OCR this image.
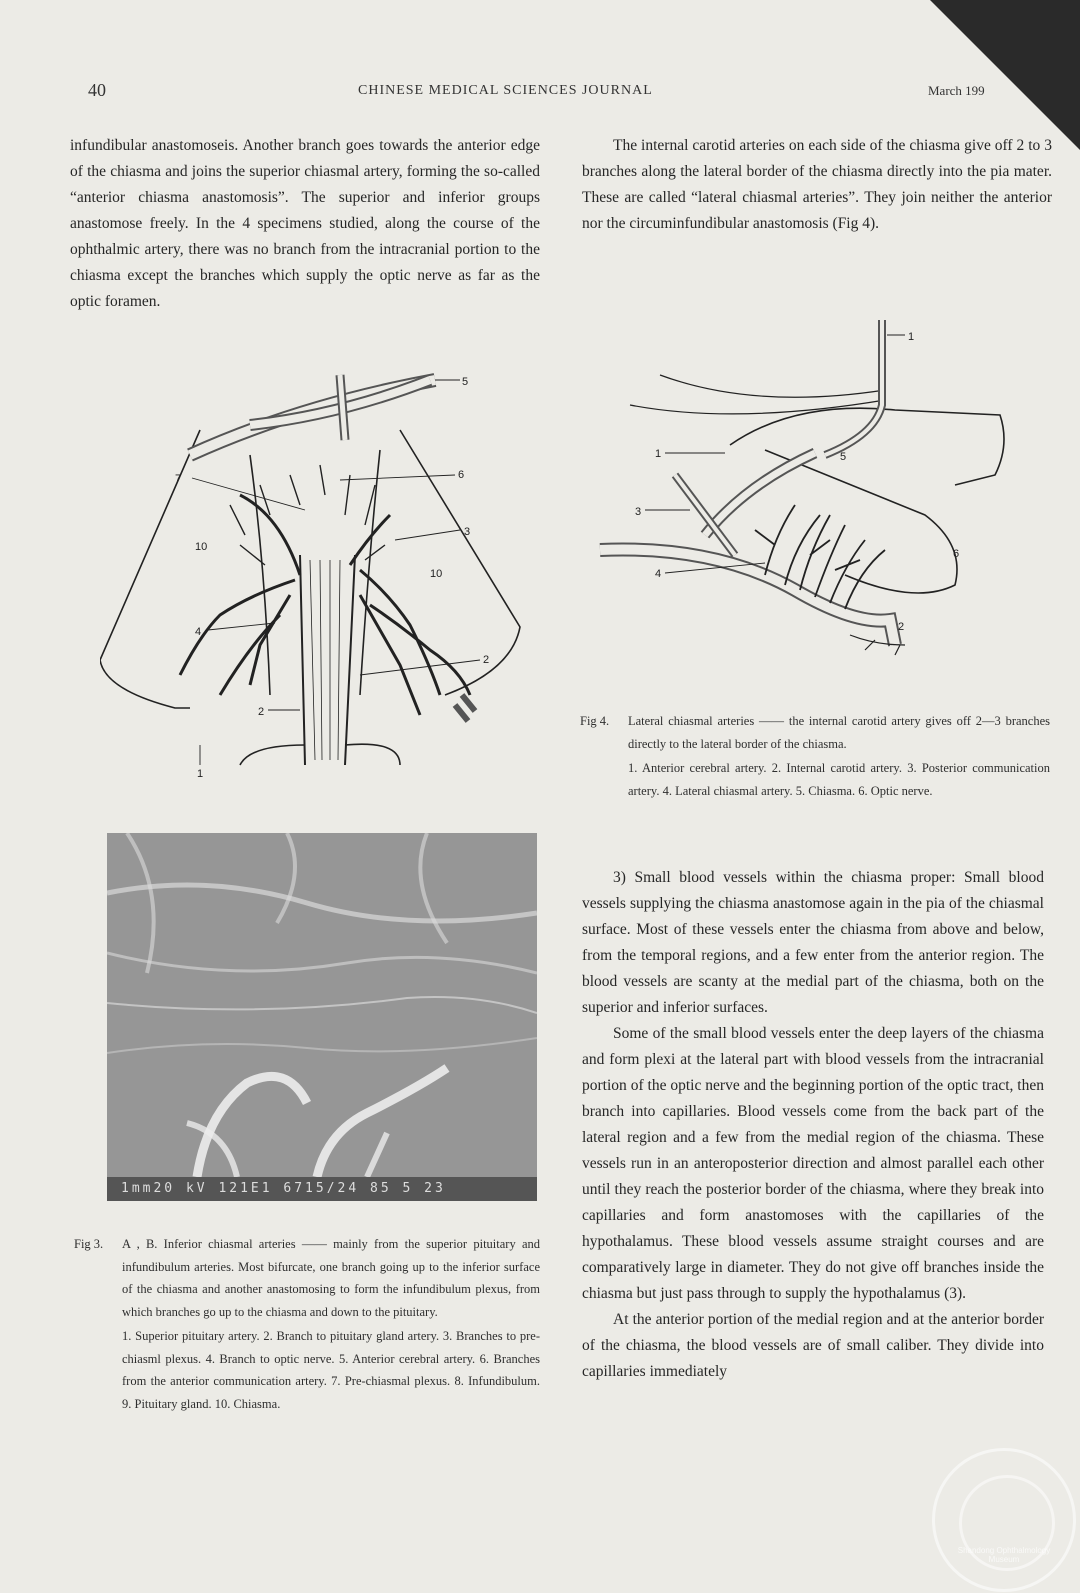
40	CHINESE MEDICAL SCIENCES JOURNAL	March 199

infundibular anastomoseis. Another branch goes towards the anterior edge of the chiasma and joins the superior chiasmal artery, forming the so-called “anterior chiasma anastomosis”. The superior and inferior groups anastomose freely. In the 4 specimens studied, along the course of the ophthalmic artery, there was no branch from the intracranial portion to the chiasma except the branches which supply the optic nerve as far as the optic foramen.

The internal carotid arteries on each side of the chiasma give off 2 to 3 branches along the lateral border of the chiasma directly into the pia mater. These are called “lateral chiasmal arteries”. They join neither the anterior nor the circuminfundibular anastomosis (Fig 4).

5
6
7
3
10
10
4
2
2
1
1
1	5
3
6
4
2
Fig 4. Lateral chiasmal arteries —— the internal carotid artery gives off 2—3 branches directly to the lateral border of the chiasma.
1. Anterior cerebral artery. 2. Internal carotid artery. 3. Posterior communication artery. 4. Lateral chiasmal artery. 5. Chiasma. 6. Optic nerve.
1mm20 kV 121E1 6715/24 85 5 23
Fig 3. A , B. Inferior chiasmal arteries —— mainly from the superior pituitary and infundibulum arteries. Most bifurcate, one branch going up to the inferior surface of the chiasma and another anastomosing to form the infundibulum plexus, from which branches go up to the chiasma and down to the pituitary.
1. Superior pituitary artery. 2. Branch to pituitary gland artery. 3. Branches to pre-chiasml plexus. 4. Branch to optic nerve. 5. Anterior cerebral artery. 6. Branches from the anterior communication artery. 7. Pre-chiasmal plexus. 8. Infundibulum. 9. Pituitary gland. 10. Chiasma.

3) Small blood vessels within the chiasma proper: Small blood vessels supplying the chiasma anastomose again in the pia of the chiasmal surface. Most of these vessels enter the chiasma from above and below, from the temporal regions, and a few enter from the anterior region. The blood vessels are scanty at the medial part of the chiasma, both on the superior and inferior surfaces.

Some of the small blood vessels enter the deep layers of the chiasma and form plexi at the lateral part with blood vessels from the intracranial portion of the optic nerve and the beginning portion of the optic tract, then branch into capillaries. Blood vessels come from the back part of the lateral region and a few from the medial region of the chiasma. These vessels run in an anteroposterior direction and almost parallel each other until they reach the posterior border of the chiasma, where they break into capillaries and form anastomoses with the capillaries of the hypothalamus. These blood vessels assume straight courses and are comparatively large in diameter. They do not give off branches inside the chiasma but just pass through to supply the hypothalamus (3).

At the anterior portion of the medial region and at the anterior border of the chiasma, the blood vessels are of small caliber. They divide into capillaries immediately

Shandong Ophthalmology Museum
